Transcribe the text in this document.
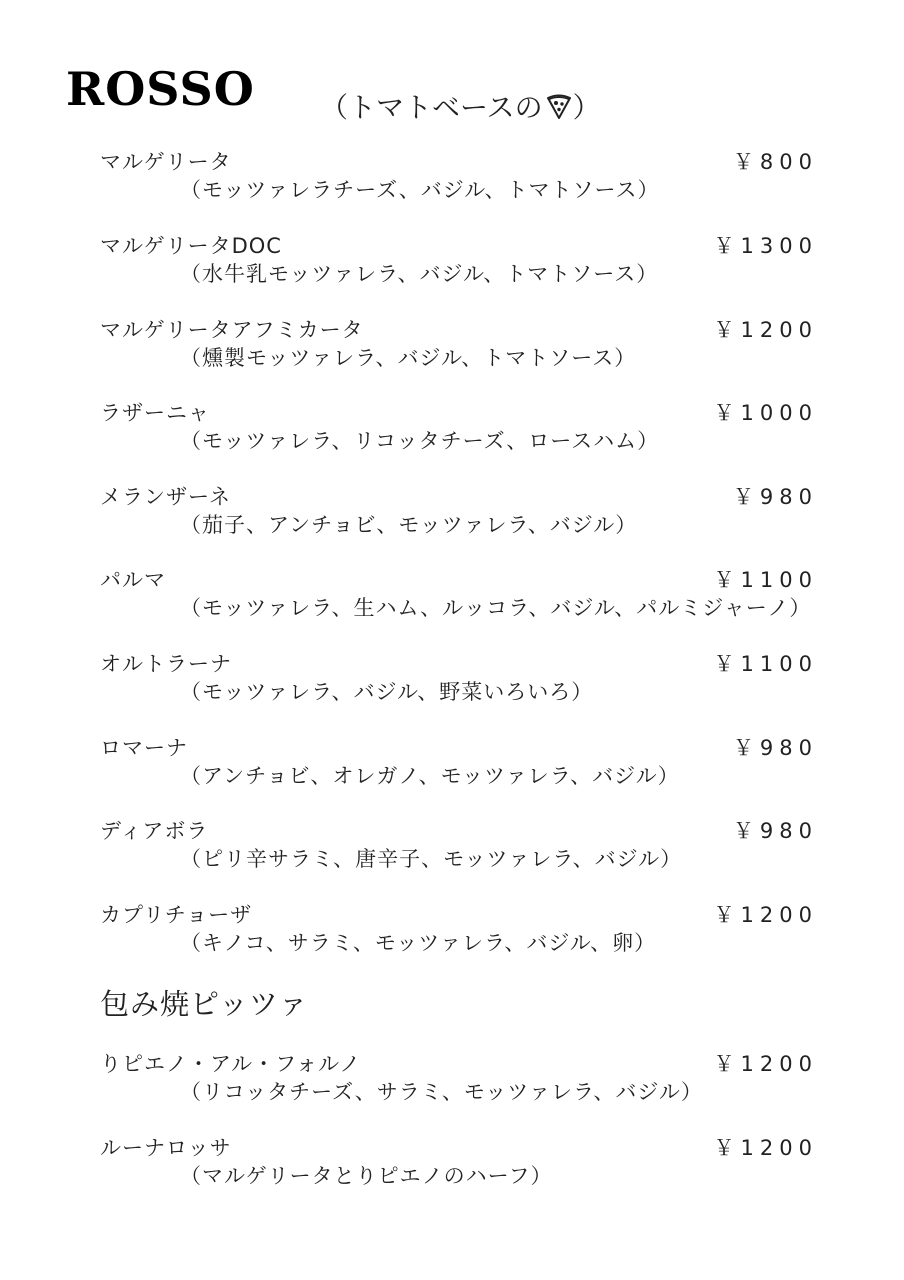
ROSSO （トマトベースの ）
マルゲリータ	￥800
（モッツァレラチーズ、バジル、トマトソース）
マルゲリータDOC	￥1300
（水牛乳モッツァレラ、バジル、トマトソース）
マルゲリータアフミカータ	￥1200
（燻製モッツァレラ、バジル、トマトソース）
ラザーニャ	￥1000
（モッツァレラ、リコッタチーズ、ロースハム）
メランザーネ	￥980
（茄子、アンチョビ、モッツァレラ、バジル）
パルマ	￥1100
（モッツァレラ、生ハム、ルッコラ、バジル、パルミジャーノ）
オルトラーナ	￥1100
（モッツァレラ、バジル、野菜いろいろ）
ロマーナ	￥980
（アンチョビ、オレガノ、モッツァレラ、バジル）
ディアボラ	￥980
（ピリ辛サラミ、唐辛子、モッツァレラ、バジル）
カプリチョーザ	￥1200
（キノコ、サラミ、モッツァレラ、バジル、卵）
包み焼ピッツァ
りピエノ・アル・フォルノ	￥1200
（リコッタチーズ、サラミ、モッツァレラ、バジル）
ルーナロッサ	￥1200
（マルゲリータとりピエノのハーフ）
